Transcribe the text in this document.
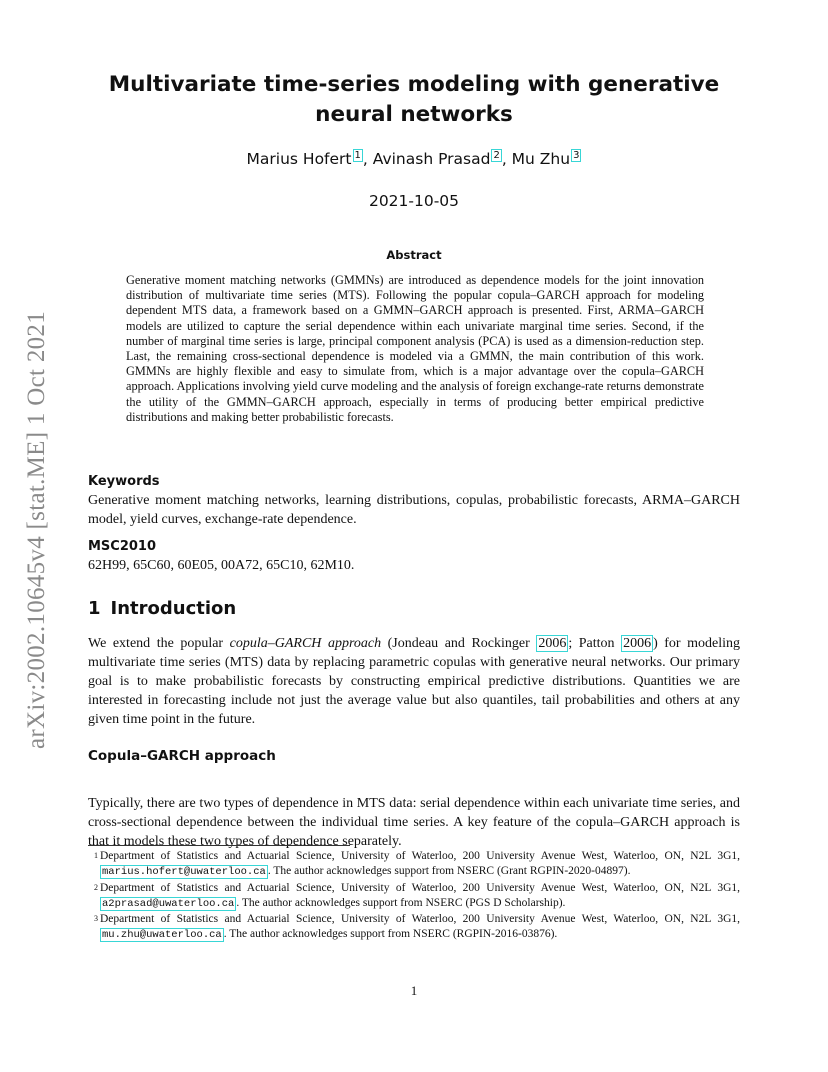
arXiv:2002.10645v4 [stat.ME] 1 Oct 2021
Multivariate time-series modeling with generative neural networks
Marius Hofert $^1$ , Avinash Prasad $^2$ , Mu Zhu $^3$
2021-10-05
Abstract

Generative moment matching networks (GMMNs) are introduced as dependence models for the joint innovation distribution of multivariate time series (MTS). Following the popular copula–GARCH approach for modeling dependent MTS data, a framework based on a GMMN–GARCH approach is presented. First, ARMA–GARCH models are utilized to capture the serial dependence within each univariate marginal time series. Second, if the number of marginal time series is large, principal component analysis (PCA) is used as a dimension-reduction step. Last, the remaining cross-sectional dependence is modeled via a GMMN, the main contribution of this work. GMMNs are highly flexible and easy to simulate from, which is a major advantage over the copula–GARCH approach. Applications involving yield curve modeling and the analysis of foreign exchange-rate returns demonstrate the utility of the GMMN–GARCH approach, especially in terms of producing better empirical predictive distributions and making better probabilistic forecasts.

Keywords

Generative moment matching networks, learning distributions, copulas, probabilistic forecasts, ARMA–GARCH model, yield curves, exchange-rate dependence.

MSC2010

62H99, 65C60, 60E05, 00A72, 65C10, 62M10.

1 Introduction

We extend the popular copula–GARCH approach (Jondeau and Rockinger 2006 ; Patton 2006 ) for modeling multivariate time series (MTS) data by replacing parametric copulas with generative neural networks. Our primary goal is to make probabilistic forecasts by constructing empirical predictive distributions. Quantities we are interested in forecasting include not just the average value but also quantiles, tail probabilities and others at any given time point in the future.

Copula–GARCH approach

Typically, there are two types of dependence in MTS data: serial dependence within each univariate time series, and cross-sectional dependence between the individual time series. A key feature of the copula–GARCH approach is that it models these two types of dependence separately.

1 Department of Statistics and Actuarial Science, University of Waterloo, 200 University Avenue West, Waterloo, ON, N2L 3G1, marius.hofert@uwaterloo.ca . The author acknowledges support from NSERC (Grant RGPIN-2020-04897).

2 Department of Statistics and Actuarial Science, University of Waterloo, 200 University Avenue West, Waterloo, ON, N2L 3G1, a2prasad@uwaterloo.ca . The author acknowledges support from NSERC (PGS D Scholarship).

3 Department of Statistics and Actuarial Science, University of Waterloo, 200 University Avenue West, Waterloo, ON, N2L 3G1, mu.zhu@uwaterloo.ca . The author acknowledges support from NSERC (RGPIN-2016-03876).

1
